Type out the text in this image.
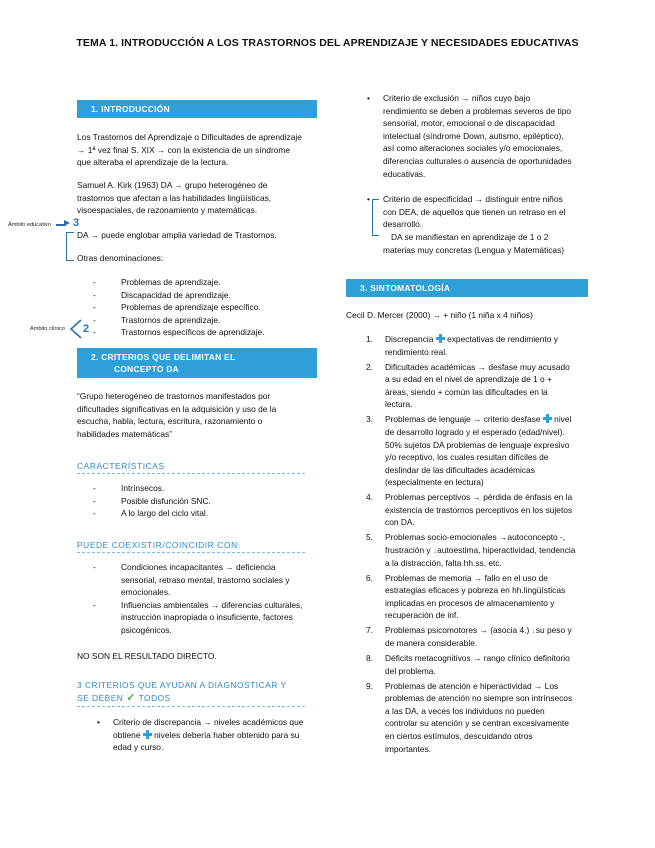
TEMA 1. INTRODUCCIÓN A LOS TRASTORNOS DEL APRENDIZAJE Y NECESIDADES EDUCATIVAS
1. INTRODUCCIÓN
Los Trastornos del Aprendizaje o Dificultades de aprendizaje → 1ª vez final S. XIX → con la existencia de un síndrome que alteraba el aprendizaje de la lectura.
Samuel A. Kirk (1963) DA → grupo heterogéneo de trastornos que afectan a las habilidades lingüísticas, visoespaciales, de razonamiento y matemáticas.
Ámbito educativo 3
DA → puede englobar amplia variedad de Trastornos.
Otras denominaciones:
- Problemas de aprendizaje.
- Discapacidad de aprendizaje.
- Problemas de aprendizaje específico.
- Trastornos de aprendizaje.
- Trastornos específicos de aprendizaje.
Ámbito clínico 2
2. CRITERIOS QUE DELIMITAN EL
CONCEPTO DA
“Grupo heterogéneo de trastornos manifestados por dificultades significativas en la adquisición y uso de la escucha, habla, lectura, escritura, razonamiento o habilidades matemáticas”
CARACTERÍSTICAS
- Intrínsecos.
- Posible disfunción SNC.
- A lo largo del ciclo vital.
PUEDE COEXISTIR/COINCIDIR CON:
- Condiciones incapacitantes → deficiencia sensorial, retraso mental, trastorno sociales y emocionales.
- Influencias ambientales → diferencias culturales, instrucción inapropiada o insuficiente, factores psicogénicos.
NO SON EL RESULTADO DIRECTO.
3 CRITERIOS QUE AYUDAN A DIAGNOSTICAR Y
SE DEBEN ✓ TODOS
• Criterio de discrepancia → niveles académicos que obtiene niveles debería haber obtenido para su edad y curso.
• Criterio de exclusión → niños cuyo bajo rendimiento se deben a problemas severos de tipo sensorial, motor, emocional o de discapacidad intelectual (síndrome Down, autismo, epiléptico), así como alteraciones sociales y/o emocionales, diferencias culturales o ausencia de oportunidades educativas.
• Criterio de especificidad → distinguir entre niños con DEA, de aquellos que tienen un retraso en el desarrollo.
DA se manifiestan en aprendizaje de 1 o 2 materias muy concretas (Lengua y Matemáticas)
3. SINTOMATOLOGÍA
Cecil D. Mercer (2000) → + niño (1 niña x 4 niños)
1. Discrepancia expectativas de rendimiento y rendimiento real.
2. Dificultades académicas → desfase muy acusado a su edad en el nivel de aprendizaje de 1 o + áreas, siendo + común las dificultades en la lectura.
3. Problemas de lenguaje → criterio desfase nivel de desarrollo logrado y el esperado (edad/nivel).
50% sujetos DA problemas de lenguaje expresivo y/o receptivo, los cuales resultan difíciles de deslindar de las dificultades académicas (especialmente en lectura)
4. Problemas perceptivos → pérdida de énfasis en la existencia de trastornos perceptivos en los sujetos con DA.
5. Problemas socio-emocionales →autoconcepto -, frustración y ↓autoestima, hiperactividad, tendencia a la distracción, falta hh.ss, etc.
6. Problemas de memoria → fallo en el uso de estrategias eficaces y pobreza en hh.lingüísticas implicadas en procesos de almacenamiento y recuperación de inf.
7. Problemas psicomotores → (asocia 4.) ↓su peso y de manera considerable.
8. Déficits metacognitivos → rango clínico definitorio del problema.
9. Problemas de atención e hiperactividad → Los problemas de atención no siempre son intrínsecos a las DA, a veces los individuos no pueden controlar su atención y se centran excesivamente en ciertos estímulos, descuidando otros importantes.
